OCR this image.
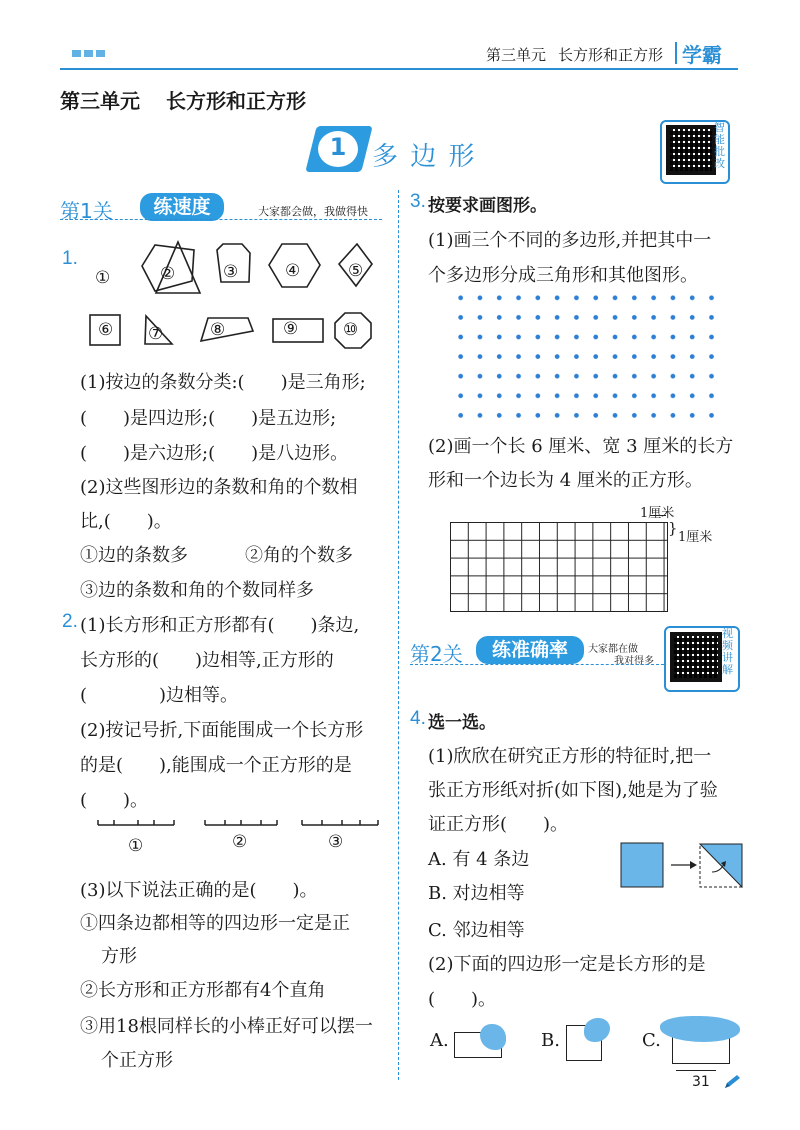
第三单元 长方形和正方形 学霸
第三单元 长方形和正方形
1 多 边 形
智能批改
第1关	练速度	大家都会做，我做得快
1.
①	②	③	④	⑤
⑥ ⑦	⑧	⑨	⑩
(1)按边的条数分类:(　　)是三角形;
(　　)是四边形;(　　)是五边形;
(　　)是六边形;(　　)是八边形。
(2)这些图形边的条数和角的个数相
比,(　　)。
①边的条数多	②角的个数多
③边的条数和角的个数同样多
2. (1)长方形和正方形都有(　　)条边,
长方形的(　　)边相等,正方形的
(　　　　)边相等。
(2)按记号折,下面能围成一个长方形
的是(　　),能围成一个正方形的是
(　　)。
①	②	③
(3)以下说法正确的是(　　)。
①四条边都相等的四边形一定是正
方形
②长方形和正方形都有4个直角
③用18根同样长的小棒正好可以摆一
个正方形
3. 按要求画图形。
(1)画三个不同的多边形,并把其中一
个多边形分成三角形和其他图形。
(2)画一个长 6 厘米、宽 3 厘米的长方
形和一个边长为 4 厘米的正方形。
1厘米
}
1厘米
第2关	练准确率	大家都在做
我对得多
视频讲解
4. 选一选。
(1)欣欣在研究正方形的特征时,把一
张正方形纸对折(如下图),她是为了验
证正方形(　　)。
A. 有 4 条边
B. 对边相等
C. 邻边相等
(2)下面的四边形一定是长方形的是
(　　)。
A.	B.	C.
31
